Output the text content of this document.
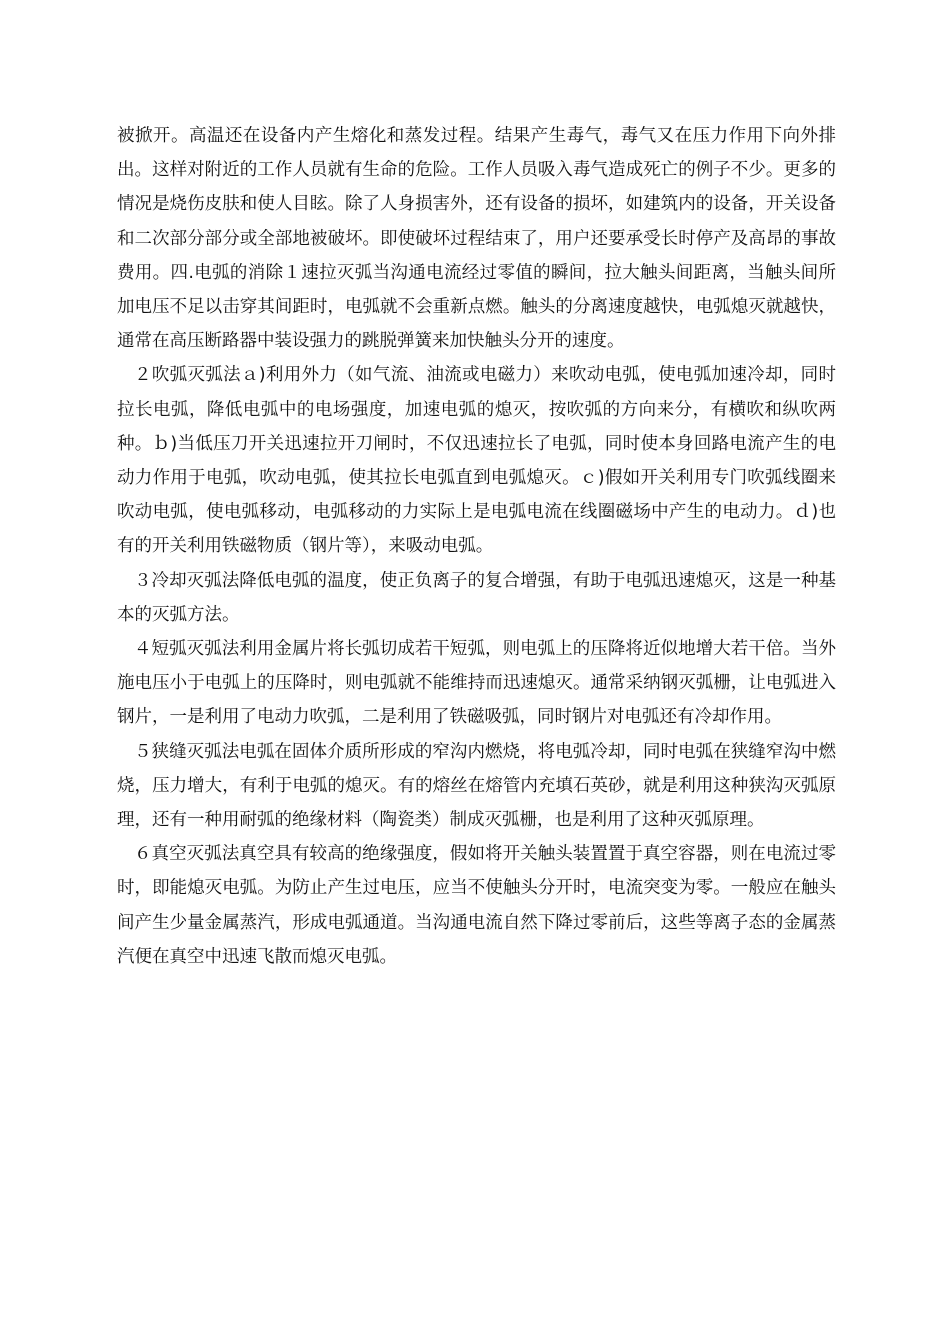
被掀开。高温还在设备内产生熔化和蒸发过程。结果产生毒气，毒气又在压力作用下向外排出。这样对附近的工作人员就有生命的危险。工作人员吸入毒气造成死亡的例子不少。更多的情况是烧伤皮肤和使人目眩。除了人身损害外，还有设备的损坏，如建筑内的设备，开关设备和二次部分部分或全部地被破坏。即使破坏过程结束了，用户还要承受长时停产及高昂的事故费用。四.电弧的消除１速拉灭弧当沟通电流经过零值的瞬间，拉大触头间距离，当触头间所加电压不足以击穿其间距时，电弧就不会重新点燃。触头的分离速度越快，电弧熄灭就越快，通常在高压断路器中装设强力的跳脱弹簧来加快触头分开的速度。

２吹弧灭弧法ａ)利用外力（如气流、油流或电磁力）来吹动电弧，使电弧加速冷却，同时拉长电弧，降低电弧中的电场强度，加速电弧的熄灭，按吹弧的方向来分，有横吹和纵吹两种。ｂ)当低压刀开关迅速拉开刀闸时，不仅迅速拉长了电弧，同时使本身回路电流产生的电动力作用于电弧，吹动电弧，使其拉长电弧直到电弧熄灭。ｃ)假如开关利用专门吹弧线圈来吹动电弧，使电弧移动，电弧移动的力实际上是电弧电流在线圈磁场中产生的电动力。ｄ)也有的开关利用铁磁物质（钢片等），来吸动电弧。

３冷却灭弧法降低电弧的温度，使正负离子的复合增强，有助于电弧迅速熄灭，这是一种基本的灭弧方法。

４短弧灭弧法利用金属片将长弧切成若干短弧，则电弧上的压降将近似地增大若干倍。当外施电压小于电弧上的压降时，则电弧就不能维持而迅速熄灭。通常采纳钢灭弧栅，让电弧进入钢片，一是利用了电动力吹弧，二是利用了铁磁吸弧，同时钢片对电弧还有冷却作用。

５狭缝灭弧法电弧在固体介质所形成的窄沟内燃烧，将电弧冷却，同时电弧在狭缝窄沟中燃烧，压力增大，有利于电弧的熄灭。有的熔丝在熔管内充填石英砂，就是利用这种狭沟灭弧原理，还有一种用耐弧的绝缘材料（陶瓷类）制成灭弧栅，也是利用了这种灭弧原理。

６真空灭弧法真空具有较高的绝缘强度，假如将开关触头装置置于真空容器，则在电流过零时，即能熄灭电弧。为防止产生过电压，应当不使触头分开时，电流突变为零。一般应在触头间产生少量金属蒸汽，形成电弧通道。当沟通电流自然下降过零前后，这些等离子态的金属蒸汽便在真空中迅速飞散而熄灭电弧。
